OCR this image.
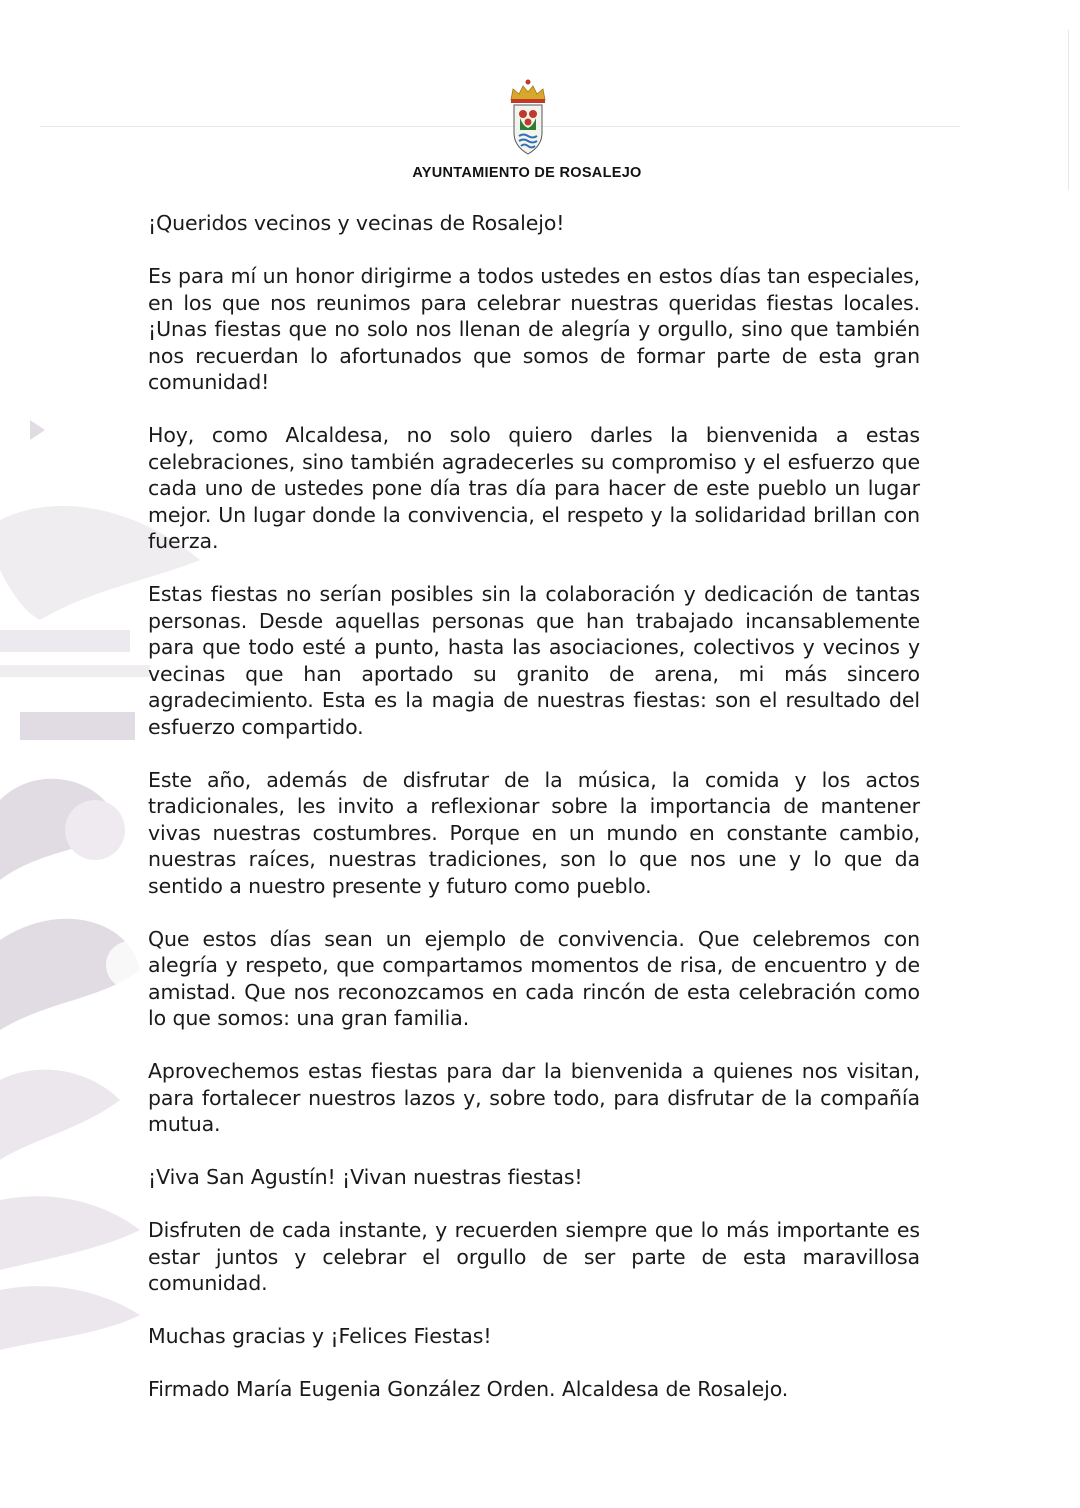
AYUNTAMIENTO DE ROSALEJO

¡Queridos vecinos y vecinas de Rosalejo!

Es para mí un honor dirigirme a todos ustedes en estos días tan especiales, en los que nos reunimos para celebrar nuestras queridas fiestas locales. ¡Unas fiestas que no solo nos llenan de alegría y orgullo, sino que también nos recuerdan lo afortunados que somos de formar parte de esta gran comunidad!

Hoy, como Alcaldesa, no solo quiero darles la bienvenida a estas celebraciones, sino también agradecerles su compromiso y el esfuerzo que cada uno de ustedes pone día tras día para hacer de este pueblo un lugar mejor. Un lugar donde la convivencia, el respeto y la solidaridad brillan con fuerza.

Estas fiestas no serían posibles sin la colaboración y dedicación de tantas personas. Desde aquellas personas que han trabajado incansablemente para que todo esté a punto, hasta las asociaciones, colectivos y vecinos y vecinas que han aportado su granito de arena, mi más sincero agradecimiento. Esta es la magia de nuestras fiestas: son el resultado del esfuerzo compartido.

Este año, además de disfrutar de la música, la comida y los actos tradicionales, les invito a reflexionar sobre la importancia de mantener vivas nuestras costumbres. Porque en un mundo en constante cambio, nuestras raíces, nuestras tradiciones, son lo que nos une y lo que da sentido a nuestro presente y futuro como pueblo.

Que estos días sean un ejemplo de convivencia. Que celebremos con alegría y respeto, que compartamos momentos de risa, de encuentro y de amistad. Que nos reconozcamos en cada rincón de esta celebración como lo que somos: una gran familia.

Aprovechemos estas fiestas para dar la bienvenida a quienes nos visitan, para fortalecer nuestros lazos y, sobre todo, para disfrutar de la compañía mutua.

¡Viva San Agustín! ¡Vivan nuestras fiestas!

Disfruten de cada instante, y recuerden siempre que lo más importante es estar juntos y celebrar el orgullo de ser parte de esta maravillosa comunidad.

Muchas gracias y ¡Felices Fiestas!

Firmado María Eugenia González Orden. Alcaldesa de Rosalejo.
